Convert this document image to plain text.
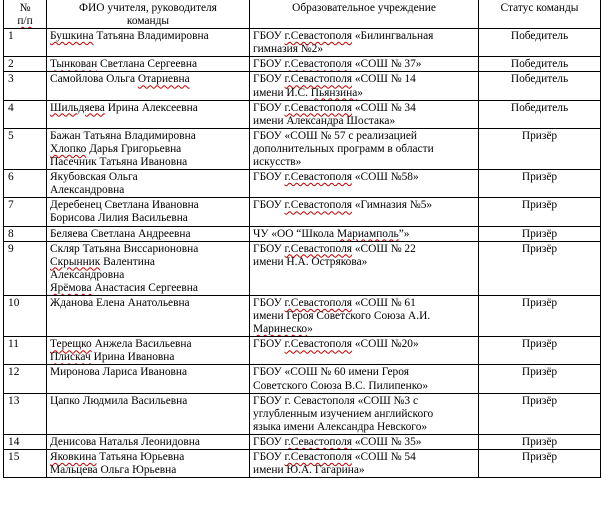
№
п/п	ФИО учителя, руководителя
команды	Образовательное учреждение	Статус команды

1	Бушкина Татьяна Владимировна	ГБОУ г.Севастополя «Билингвальная
гимназия №2»	Победитель
2	Тынкован Светлана Сергеевна	ГБОУ г.Севастополя «СОШ № 37»	Победитель
3	Самойлова Ольга Отариевна	ГБОУ г.Севастополя «СОШ № 14
имени И.С. Пьянзина»	Победитель
4	Шильдяева Ирина Алексеевна	ГБОУ г.Севастополя «СОШ № 34
имени Александра Шостака»	Победитель
5	Бажан Татьяна Владимировна
Хлопко Дарья Григорьевна
Пасечник Татьяна Ивановна	ГБОУ «СОШ № 57 с реализацией
дополнительных программ в области
искусств»	Призёр
6	Якубовская Ольга
Александровна	ГБОУ г.Севастополя «СОШ №58»	Призёр
7	Деребенец Светлана Ивановна
Борисова Лилия Васильевна	ГБОУ г.Севастополя «Гимназия №5»	Призёр
8	Беляева Светлана Андреевна	ЧУ «ОО “Школа Мариамполь”»	Призёр
9	Скляр Татьяна Виссарионовна
Скрынник Валентина
Александровна
Ярёмова Анастасия Сергеевна	ГБОУ г.Севастополя «СОШ № 22
имени Н.А. Острякова»	Призёр
10	Жданова Елена Анатольевна	ГБОУ г.Севастополя «СОШ № 61
имени Героя Советского Союза А.И.
Маринеско»	Призёр
11	Терещко Анжела Васильевна
Плискач Ирина Ивановна	ГБОУ г.Севастополя «СОШ №20»	Призёр
12	Миронова Лариса Ивановна	ГБОУ «СОШ № 60 имени Героя
Советского Союза В.С. Пилипенко»	Призёр
13	Цапко Людмила Васильевна	ГБОУ г. Севастополя «СОШ №3 с
углубленным изучением английского
языка имени Александра Невского»	Призёр
14	Денисова Наталья Леонидовна	ГБОУ г.Севастополя «СОШ № 35»	Призёр
15	Яковкина Татьяна Юрьевна
Мальцева Ольга Юрьевна	ГБОУ г.Севастополя «СОШ № 54
имени Ю.А. Гагарина»	Призёр
